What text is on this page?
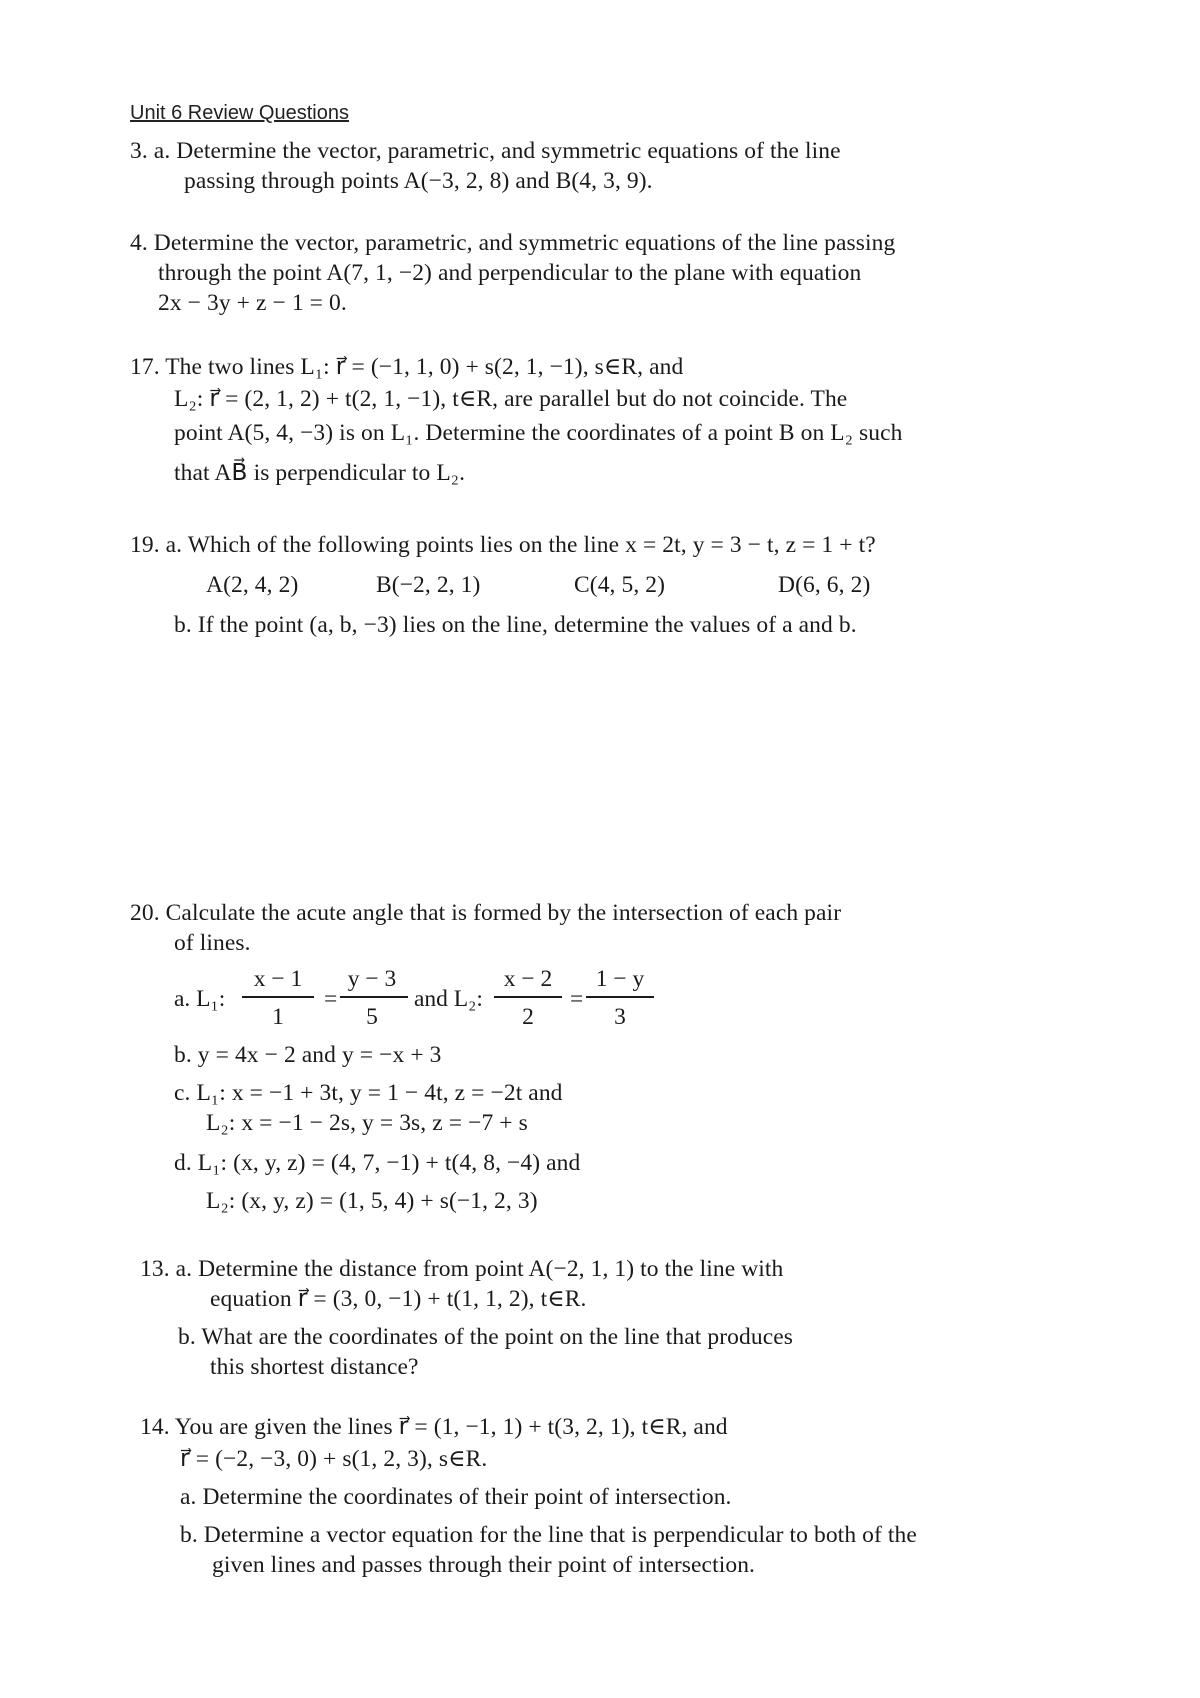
Unit 6 Review Questions
3. a. Determine the vector, parametric, and symmetric equations of the line
passing through points A(−3, 2, 8) and B(4, 3, 9).
4. Determine the vector, parametric, and symmetric equations of the line passing
through the point A(7, 1, −2) and perpendicular to the plane with equation
2x − 3y + z − 1 = 0.
17. The two lines L₁: r⃗ = (−1, 1, 0) + s(2, 1, −1), s∈R, and
L₂: r⃗ = (2, 1, 2) + t(2, 1, −1), t∈R, are parallel but do not coincide. The
point A(5, 4, −3) is on L₁. Determine the coordinates of a point B on L₂ such
that AB⃗ is perpendicular to L₂.
19. a. Which of the following points lies on the line x = 2t, y = 3 − t, z = 1 + t?
A(2, 4, 2)	B(−2, 2, 1)	C(4, 5, 2)	D(6, 6, 2)
b. If the point (a, b, −3) lies on the line, determine the values of a and b.
20. Calculate the acute angle that is formed by the intersection of each pair
of lines.
a. L₁:
x − 1
1
=
y − 3
5
and L₂:
x − 2
2
=
1 − y
3
b. y = 4x − 2 and y = −x + 3
c. L₁: x = −1 + 3t, y = 1 − 4t, z = −2t and
L₂: x = −1 − 2s, y = 3s, z = −7 + s
d. L₁: (x, y, z) = (4, 7, −1) + t(4, 8, −4) and
L₂: (x, y, z) = (1, 5, 4) + s(−1, 2, 3)
13. a. Determine the distance from point A(−2, 1, 1) to the line with
equation r⃗ = (3, 0, −1) + t(1, 1, 2), t∈R.
b. What are the coordinates of the point on the line that produces
this shortest distance?
14. You are given the lines r⃗ = (1, −1, 1) + t(3, 2, 1), t∈R, and
r⃗ = (−2, −3, 0) + s(1, 2, 3), s∈R.
a. Determine the coordinates of their point of intersection.
b. Determine a vector equation for the line that is perpendicular to both of the
given lines and passes through their point of intersection.
